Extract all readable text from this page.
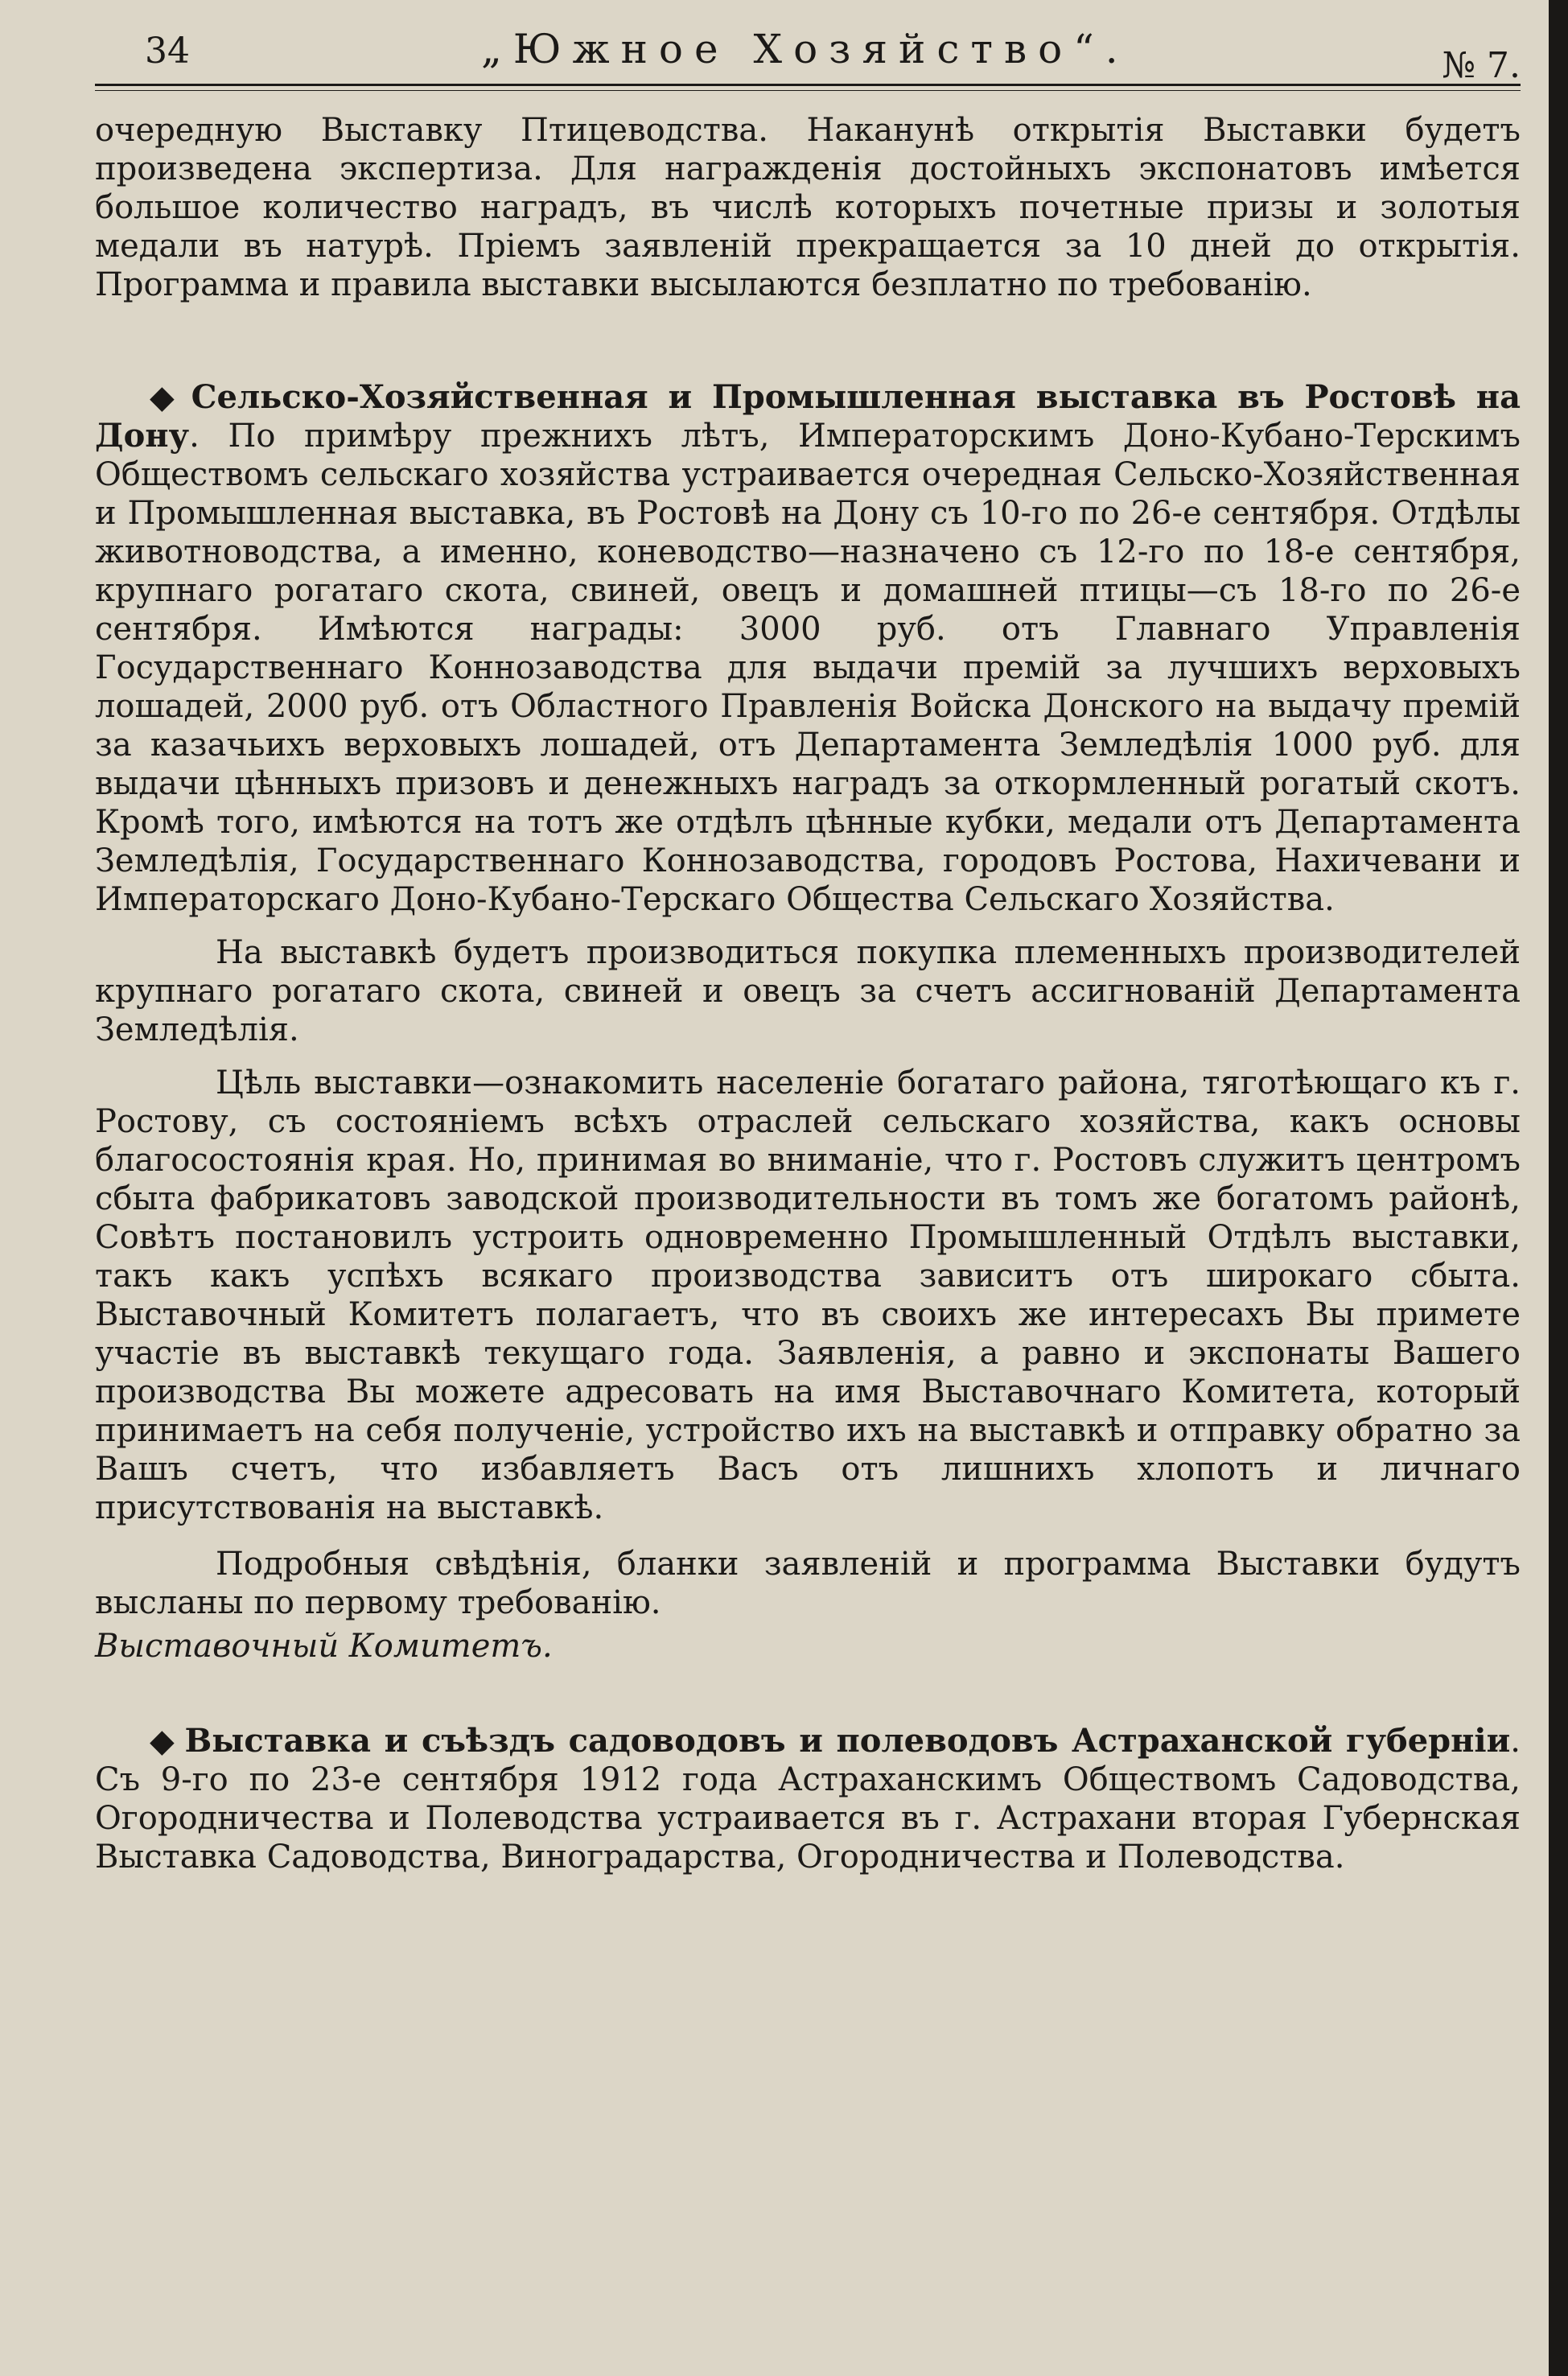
34	„Южное Хозяйство“.	№ 7.

очередную Выставку Птицеводства. Наканунѣ открытія Выставки будетъ произведена экспертиза. Для награжденія достойныхъ экспонатовъ имѣется большое количество наградъ, въ числѣ которыхъ почетные призы и золотыя медали въ натурѣ. Пріемъ заявленій прекращается за 10 дней до открытія. Программа и правила выставки высылаются безплатно по требованію.

◆ Сельско-Хозяйственная и Промышленная выставка въ Ростовѣ на Дону. По примѣру прежнихъ лѣтъ, Императорскимъ Доно-Кубано-Терскимъ Обществомъ сельскаго хозяйства устраивается очередная Сельско-Хозяйственная и Промышленная выставка, въ Ростовѣ на Дону съ 10-го по 26-е сентября. Отдѣлы животноводства, а именно, коневодство—назначено съ 12-го по 18-е сентября, крупнаго рогатаго скота, свиней, овецъ и домашней птицы—съ 18-го по 26-е сентября. Имѣются награды: 3000 руб. отъ Главнаго Управленія Государственнаго Коннозаводства для выдачи премій за лучшихъ верховыхъ лошадей, 2000 руб. отъ Областного Правленія Войска Донского на выдачу премій за казачьихъ верховыхъ лошадей, отъ Департамента Земледѣлія 1000 руб. для выдачи цѣнныхъ призовъ и денежныхъ наградъ за откормленный рогатый скотъ. Кромѣ того, имѣются на тотъ же отдѣлъ цѣнные кубки, медали отъ Департамента Земледѣлія, Государственнаго Коннозаводства, городовъ Ростова, Нахичевани и Императорскаго Доно-Кубано-Терскаго Общества Сельскаго Хозяйства.

На выставкѣ будетъ производиться покупка племенныхъ производителей крупнаго рогатаго скота, свиней и овецъ за счетъ ассигнованій Департамента Земледѣлія.

Цѣль выставки—ознакомить населеніе богатаго района, тяготѣющаго къ г. Ростову, съ состояніемъ всѣхъ отраслей сельскаго хозяйства, какъ основы благосостоянія края. Но, принимая во вниманіе, что г. Ростовъ служитъ центромъ сбыта фабрикатовъ заводской производительности въ томъ же богатомъ районѣ, Совѣтъ постановилъ устроить одновременно Промышленный Отдѣлъ выставки, такъ какъ успѣхъ всякаго производства зависитъ отъ широкаго сбыта. Выставочный Комитетъ полагаетъ, что въ своихъ же интересахъ Вы примете участіе въ выставкѣ текущаго года. Заявленія, а равно и экспонаты Вашего производства Вы можете адресовать на имя Выставочнаго Комитета, который принимаетъ на себя полученіе, устройство ихъ на выставкѣ и отправку обратно за Вашъ счетъ, что избавляетъ Васъ отъ лишнихъ хлопотъ и личнаго присутствованія на выставкѣ.

Подробныя свѣдѣнія, бланки заявленій и программа Выставки будутъ высланы по первому требованію.

Выставочный Комитетъ.

◆ Выставка и съѣздъ садоводовъ и полеводовъ Астраханской губерніи. Съ 9-го по 23-е сентября 1912 года Астраханскимъ Обществомъ Садоводства, Огородничества и Полеводства устраивается въ г. Астрахани вторая Губернская Выставка Садоводства, Виноградарства, Огородничества и Полеводства.
